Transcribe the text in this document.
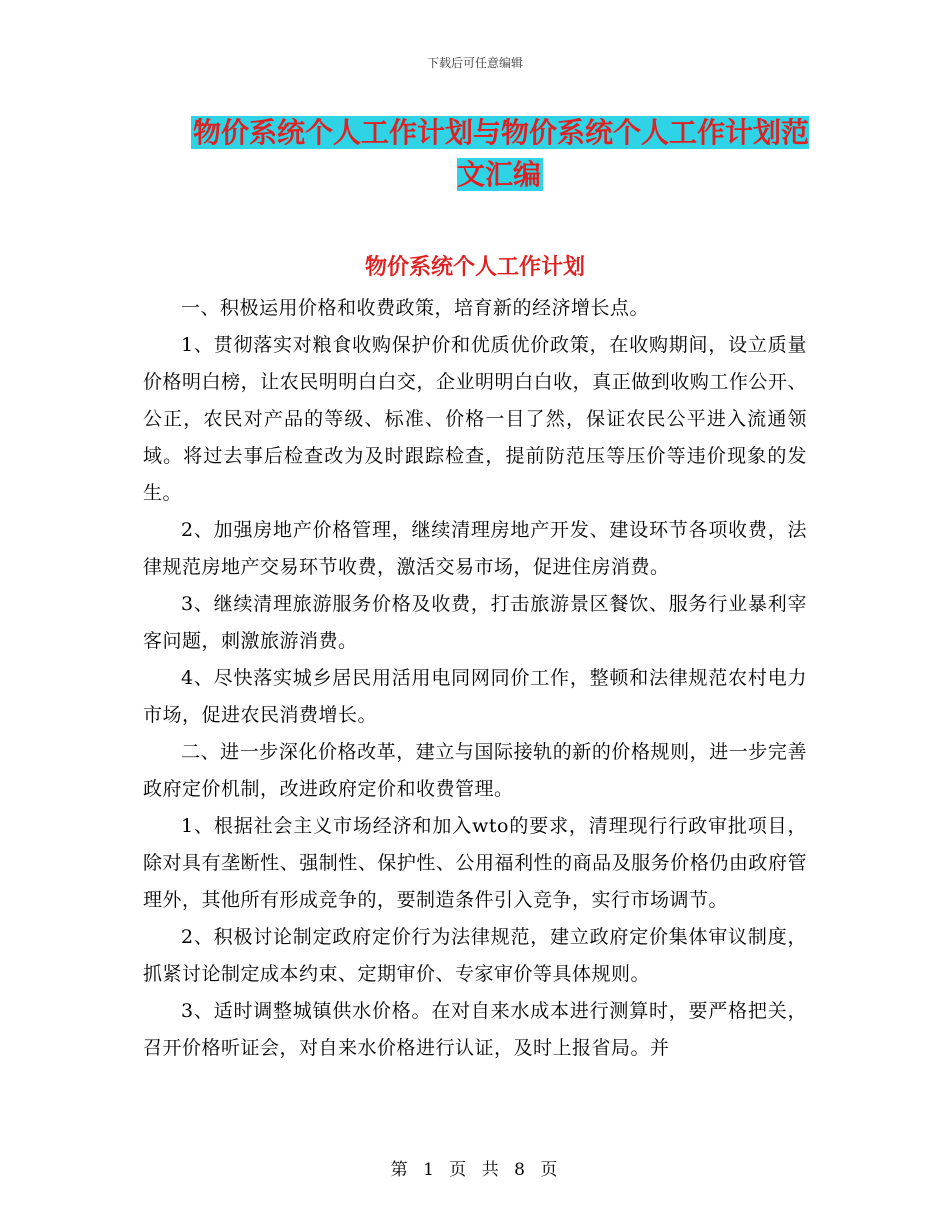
下载后可任意编辑
物价系统个人工作计划与物价系统个人工作计划范文汇编
物价系统个人工作计划

一、积极运用价格和收费政策，培育新的经济增长点。

1、贯彻落实对粮食收购保护价和优质优价政策，在收购期间，设立质量价格明白榜，让农民明明白白交，企业明明白白收，真正做到收购工作公开、公正，农民对产品的等级、标准、价格一目了然，保证农民公平进入流通领域。将过去事后检查改为及时跟踪检查，提前防范压等压价等违价现象的发生。

2、加强房地产价格管理，继续清理房地产开发、建设环节各项收费，法律规范房地产交易环节收费，激活交易市场，促进住房消费。

3、继续清理旅游服务价格及收费，打击旅游景区餐饮、服务行业暴利宰客问题，刺激旅游消费。

4、尽快落实城乡居民用活用电同网同价工作，整顿和法律规范农村电力市场，促进农民消费增长。

二、进一步深化价格改革，建立与国际接轨的新的价格规则，进一步完善政府定价机制，改进政府定价和收费管理。

1、根据社会主义市场经济和加入wto的要求，清理现行行政审批项目，除对具有垄断性、强制性、保护性、公用福利性的商品及服务价格仍由政府管理外，其他所有形成竞争的，要制造条件引入竞争，实行市场调节。

2、积极讨论制定政府定价行为法律规范，建立政府定价集体审议制度，抓紧讨论制定成本约束、定期审价、专家审价等具体规则。

3、适时调整城镇供水价格。在对自来水成本进行测算时，要严格把关，召开价格听证会，对自来水价格进行认证，及时上报省局。并

第 1 页 共 8 页
